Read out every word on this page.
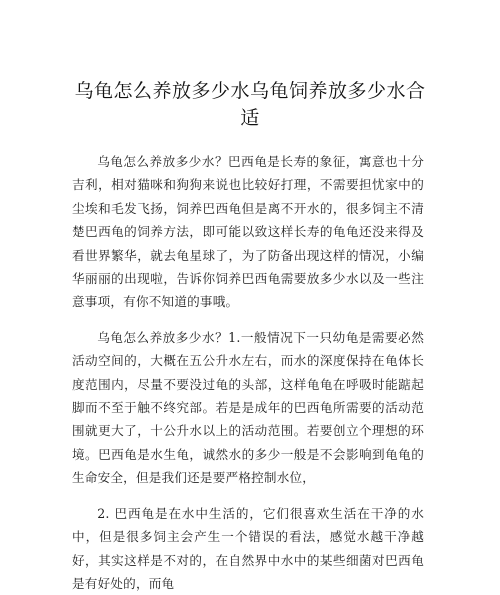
乌龟怎么养放多少水乌龟饲养放多少水合适

乌龟怎么养放多少水？巴西龟是长寿的象征，寓意也十分吉利，相对猫咪和狗狗来说也比较好打理，不需要担忧家中的尘埃和毛发飞扬，饲养巴西龟但是离不开水的，很多饲主不清楚巴西龟的饲养方法，即可能以致这样长寿的龟龟还没来得及看世界繁华，就去龟星球了，为了防备出现这样的情况，小编华丽丽的出现啦，告诉你饲养巴西龟需要放多少水以及一些注意事项，有你不知道的事哦。

乌龟怎么养放多少水？1.一般情况下一只幼龟是需要必然活动空间的，大概在五公升水左右，而水的深度保持在龟体长度范围内，尽量不要没过龟的头部，这样龟龟在呼吸时能踮起脚而不至于触不终究部。若是是成年的巴西龟所需要的活动范围就更大了，十公升水以上的活动范围。若要创立个理想的环境。巴西龟是水生龟，诚然水的多少一般是不会影响到龟龟的生命安全，但是我们还是要严格控制水位，

2. 巴西龟是在水中生活的，它们很喜欢生活在干净的水中，但是很多饲主会产生一个错误的看法，感觉水越干净越好，其实这样是不对的，在自然界中水中的某些细菌对巴西龟是有好处的，而龟
